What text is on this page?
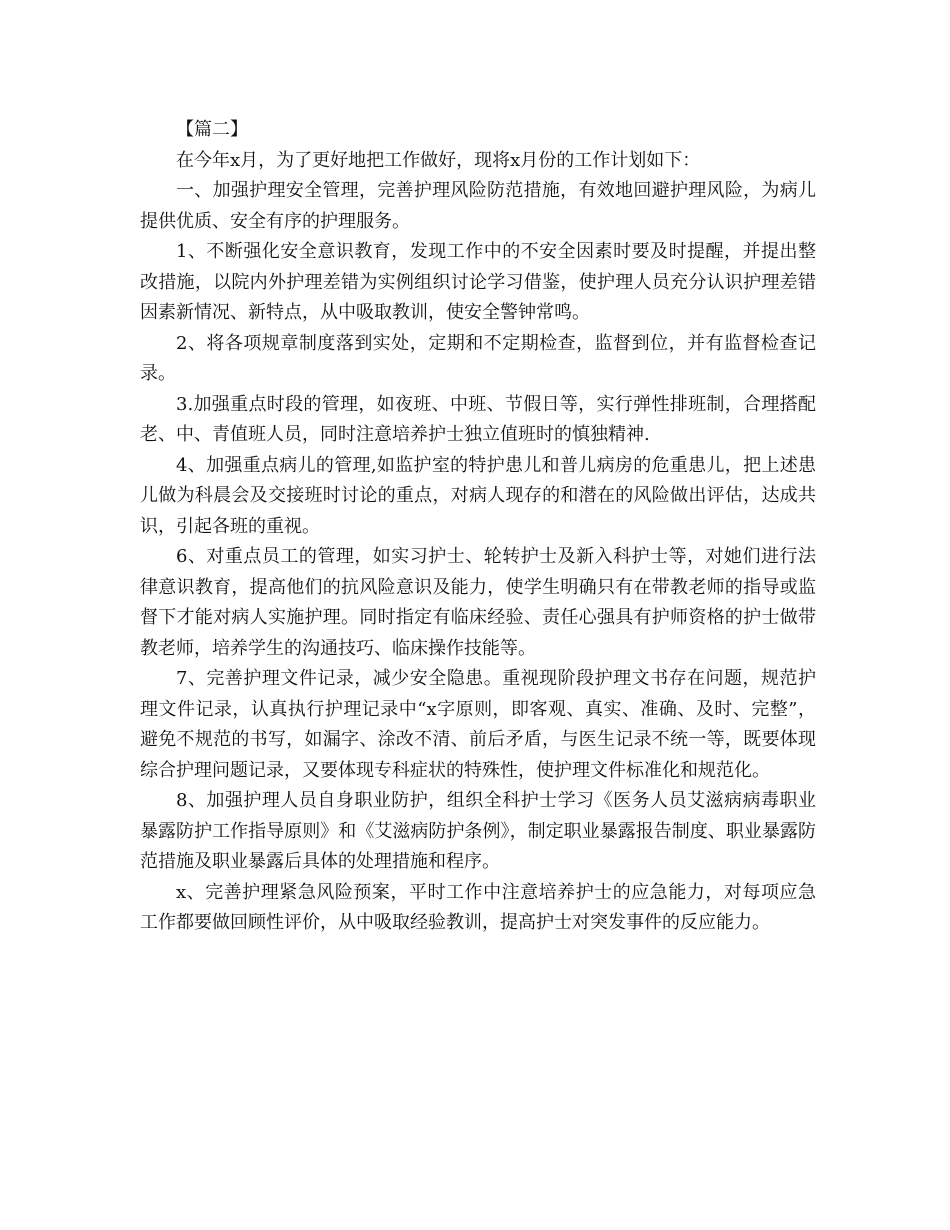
【篇二】

在今年x月，为了更好地把工作做好，现将x月份的工作计划如下：

一、加强护理安全管理，完善护理风险防范措施，有效地回避护理风险，为病儿提供优质、安全有序的护理服务。

1、不断强化安全意识教育，发现工作中的不安全因素时要及时提醒，并提出整改措施，以院内外护理差错为实例组织讨论学习借鉴，使护理人员充分认识护理差错因素新情况、新特点，从中吸取教训，使安全警钟常鸣。

2、将各项规章制度落到实处，定期和不定期检查，监督到位，并有监督检查记录。

3.加强重点时段的管理，如夜班、中班、节假日等，实行弹性排班制，合理搭配老、中、青值班人员，同时注意培养护士独立值班时的慎独精神.

4、加强重点病儿的管理,如监护室的特护患儿和普儿病房的危重患儿，把上述患儿做为科晨会及交接班时讨论的重点，对病人现存的和潜在的风险做出评估，达成共识，引起各班的重视。

6、对重点员工的管理，如实习护士、轮转护士及新入科护士等，对她们进行法律意识教育，提高他们的抗风险意识及能力，使学生明确只有在带教老师的指导或监督下才能对病人实施护理。同时指定有临床经验、责任心强具有护师资格的护士做带教老师，培养学生的沟通技巧、临床操作技能等。

7、完善护理文件记录，减少安全隐患。重视现阶段护理文书存在问题，规范护理文件记录，认真执行护理记录中“x字原则，即客观、真实、准确、及时、完整”，避免不规范的书写，如漏字、涂改不清、前后矛盾，与医生记录不统一等，既要体现综合护理问题记录，又要体现专科症状的特殊性，使护理文件标准化和规范化。

8、加强护理人员自身职业防护，组织全科护士学习《医务人员艾滋病病毒职业暴露防护工作指导原则》和《艾滋病防护条例》，制定职业暴露报告制度、职业暴露防范措施及职业暴露后具体的处理措施和程序。

x、完善护理紧急风险预案，平时工作中注意培养护士的应急能力，对每项应急工作都要做回顾性评价，从中吸取经验教训，提高护士对突发事件的反应能力。
